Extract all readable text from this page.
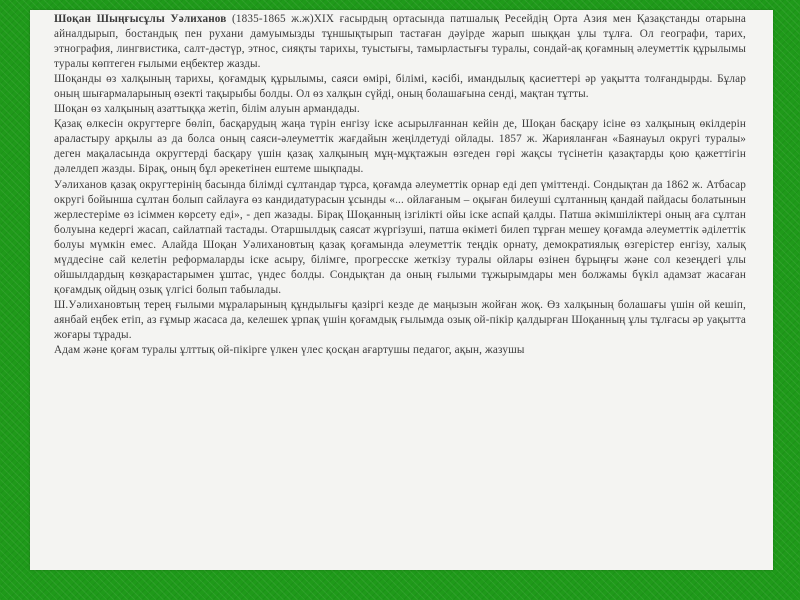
Шоқан Шыңғысұлы Уәлиханов (1835-1865 ж.ж)XIX ғасырдың ортасында патшалық Ресейдің Орта Азия мен Қазақстанды отарына айналдырып, бостандық пен рухани дамуымызды тұншықтырып тастаған дәуірде жарып шыққан ұлы тұлға. Ол географи, тарих, этнография, лингвистика, салт-дәстүр, этнос, сияқты тарихы, туыстығы, тамырластығы туралы, сондай-ақ қоғамның әлеуметтік құрылымы туралы көптеген ғылыми еңбектер жазды.

Шоқанды өз халқының тарихы, қоғамдық құрылымы, саяси өмірі, білімі, кәсібі, имандылық қасиеттері әр уақытта толғандырды. Бұлар оның шығармаларының өзекті тақырыбы болды. Ол өз халқын сүйді, оның болашағына сенді, мақтан тұтты.

Шоқан өз халқының азаттыққа жетіп, білім алуын армандады.

Қазақ өлкесін округтерге бөліп, басқарудың жаңа түрін енгізу іске асырылғаннан кейін де, Шоқан басқару ісіне өз халқының өкілдерін араластыру арқылы аз да болса оның саяси-әлеуметтік жағдайын жеңілдетуді ойлады. 1857 ж. Жарияланған «Баянауыл округі туралы» деген мақаласында округтерді басқару үшін қазақ халқының мұң-мұқтажын өзгеден гөрі жақсы түсінетін қазақтарды қою қажеттігін дәлелдеп жазды. Бірақ, оның бұл әрекетінен ештеме шықпады.

Уәлиханов қазақ округтерінің басында білімді сұлтандар тұрса, қоғамда әлеуметтік орнар еді деп үміттенді. Сондықтан да 1862 ж. Атбасар округі бойынша сұлтан болып сайлауға өз кандидатурасын ұсынды «... ойлағаным – оқыған билеуші сұлтанның қандай пайдасы болатынын жерлестеріме өз ісіммен көрсету еді», - деп жазады. Бірақ Шоқанның ізгілікті ойы іске аспай қалды. Патша әкімшіліктері оның аға сұлтан болуына кедергі жасап, сайлатпай тастады. Отаршылдық саясат жүргізуші, патша өкіметі билеп тұрған мешеу қоғамда әлеуметтік әділеттік болуы мүмкін емес. Алайда Шоқан Уәлихановтың қазақ қоғамында әлеуметтік теңдік орнату, демократиялық өзгерістер енгізу, халық мүддесіне сай келетін реформаларды іске асыру, білімге, прогресске жеткізу туралы ойлары өзінен бұрыңғы және сол кезеңдегі ұлы ойшылдардың көзқарастарымен ұштас, үндес болды. Сондықтан да оның ғылыми тұжырымдары мен болжамы бүкіл адамзат жасаған қоғамдық ойдың озық үлгісі болып табылады.

Ш.Уәлихановтың терең ғылыми мұраларының құндылығы қазіргі кезде де маңызын жойған жоқ. Өз халқының болашағы үшін ой кешіп, аянбай еңбек етіп, аз ғұмыр жасаса да, келешек ұрпақ үшін қоғамдық ғылымда озық ой-пікір қалдырған Шоқанның ұлы тұлғасы әр уақытта жоғары тұрады.

Адам және қоғам туралы ұлттық ой-пікірге үлкен үлес қосқан ағартушы педагог, ақын, жазушы
